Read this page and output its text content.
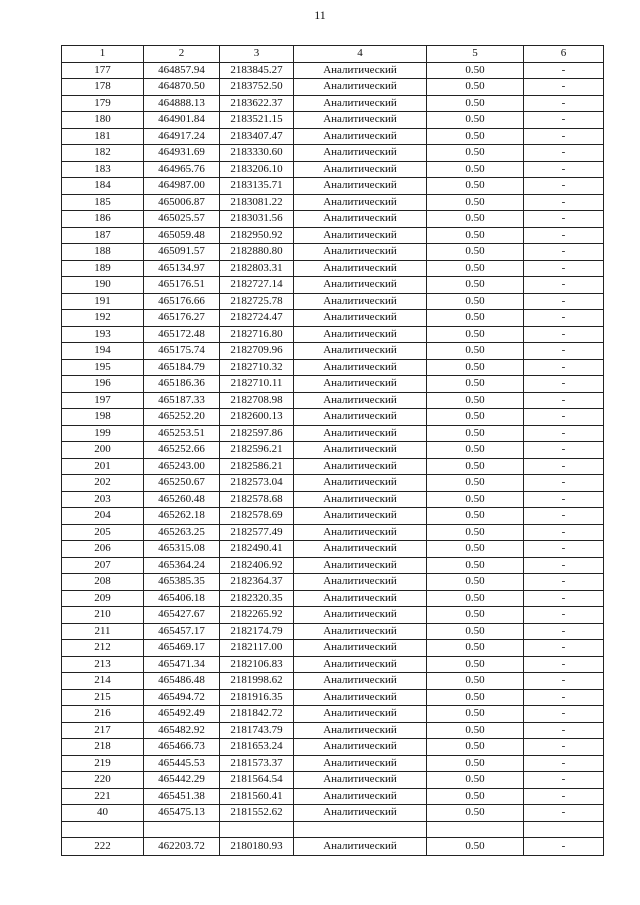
11
1	2	3	4	5	6
177	464857.94	2183845.27	Аналитический	0.50	-
178	464870.50	2183752.50	Аналитический	0.50	-
179	464888.13	2183622.37	Аналитический	0.50	-
180	464901.84	2183521.15	Аналитический	0.50	-
181	464917.24	2183407.47	Аналитический	0.50	-
182	464931.69	2183330.60	Аналитический	0.50	-
183	464965.76	2183206.10	Аналитический	0.50	-
184	464987.00	2183135.71	Аналитический	0.50	-
185	465006.87	2183081.22	Аналитический	0.50	-
186	465025.57	2183031.56	Аналитический	0.50	-
187	465059.48	2182950.92	Аналитический	0.50	-
188	465091.57	2182880.80	Аналитический	0.50	-
189	465134.97	2182803.31	Аналитический	0.50	-
190	465176.51	2182727.14	Аналитический	0.50	-
191	465176.66	2182725.78	Аналитический	0.50	-
192	465176.27	2182724.47	Аналитический	0.50	-
193	465172.48	2182716.80	Аналитический	0.50	-
194	465175.74	2182709.96	Аналитический	0.50	-
195	465184.79	2182710.32	Аналитический	0.50	-
196	465186.36	2182710.11	Аналитический	0.50	-
197	465187.33	2182708.98	Аналитический	0.50	-
198	465252.20	2182600.13	Аналитический	0.50	-
199	465253.51	2182597.86	Аналитический	0.50	-
200	465252.66	2182596.21	Аналитический	0.50	-
201	465243.00	2182586.21	Аналитический	0.50	-
202	465250.67	2182573.04	Аналитический	0.50	-
203	465260.48	2182578.68	Аналитический	0.50	-
204	465262.18	2182578.69	Аналитический	0.50	-
205	465263.25	2182577.49	Аналитический	0.50	-
206	465315.08	2182490.41	Аналитический	0.50	-
207	465364.24	2182406.92	Аналитический	0.50	-
208	465385.35	2182364.37	Аналитический	0.50	-
209	465406.18	2182320.35	Аналитический	0.50	-
210	465427.67	2182265.92	Аналитический	0.50	-
211	465457.17	2182174.79	Аналитический	0.50	-
212	465469.17	2182117.00	Аналитический	0.50	-
213	465471.34	2182106.83	Аналитический	0.50	-
214	465486.48	2181998.62	Аналитический	0.50	-
215	465494.72	2181916.35	Аналитический	0.50	-
216	465492.49	2181842.72	Аналитический	0.50	-
217	465482.92	2181743.79	Аналитический	0.50	-
218	465466.73	2181653.24	Аналитический	0.50	-
219	465445.53	2181573.37	Аналитический	0.50	-
220	465442.29	2181564.54	Аналитический	0.50	-
221	465451.38	2181560.41	Аналитический	0.50	-
40	465475.13	2181552.62	Аналитический	0.50	-

222	462203.72	2180180.93	Аналитический	0.50	-
